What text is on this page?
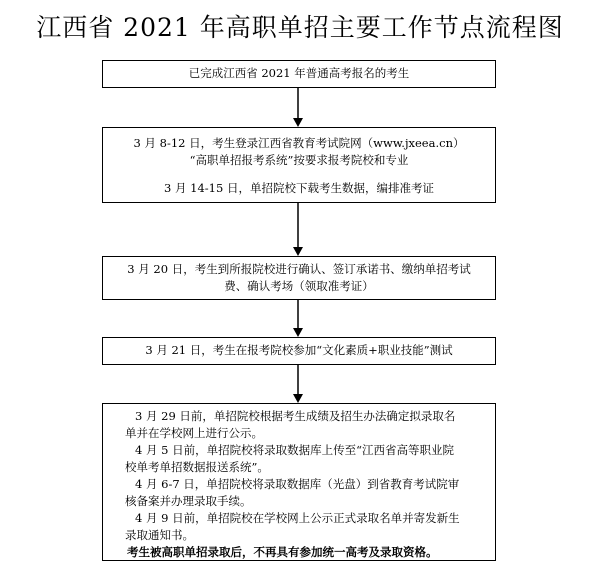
江西省 2021 年高职单招主要工作节点流程图
已完成江西省 2021 年普通高考报名的考生
3 月 8-12 日，考生登录江西省教育考试院网（www.jxeea.cn）
“高职单招报考系统”按要求报考院校和专业
3 月 14-15 日，单招院校下载考生数据，编排准考证
3 月 20 日，考生到所报院校进行确认、签订承诺书、缴纳单招考试
费、确认考场（领取准考证）
3 月 21 日，考生在报考院校参加“文化素质+职业技能”测试
3 月 29 日前，单招院校根据考生成绩及招生办法确定拟录取名
单并在学校网上进行公示。
4 月 5 日前，单招院校将录取数据库上传至“江西省高等职业院
校单考单招数据报送系统”。
4 月 6-7 日，单招院校将录取数据库（光盘）到省教育考试院审
核备案并办理录取手续。
4 月 9 日前，单招院校在学校网上公示正式录取名单并寄发新生
录取通知书。
考生被高职单招录取后，不再具有参加统一高考及录取资格。
